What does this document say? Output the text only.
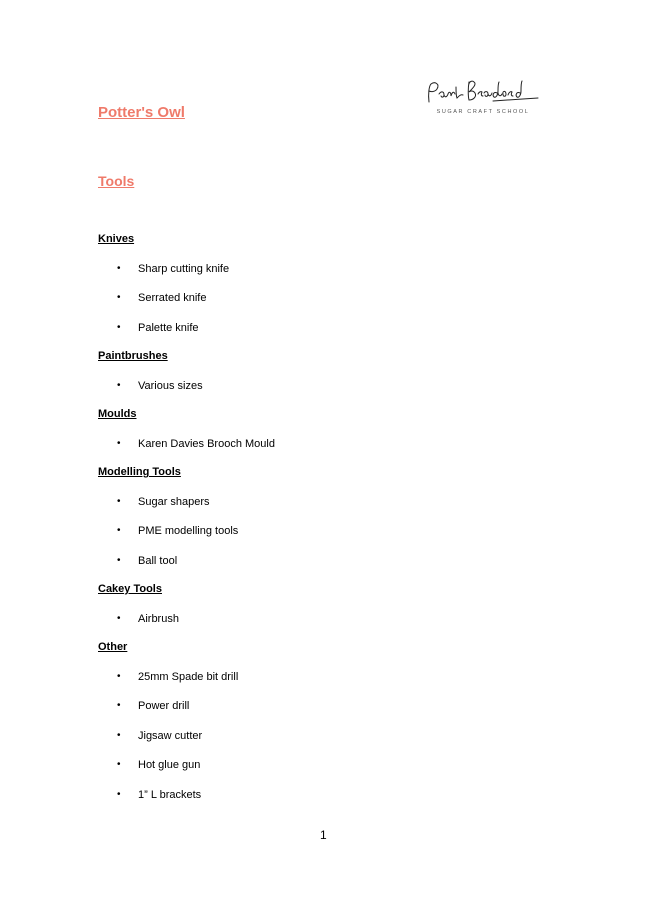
SUGAR CRAFT SCHOOL
Potter's Owl
Tools
Knives
• Sharp cutting knife
• Serrated knife
• Palette knife
Paintbrushes
• Various sizes
Moulds
• Karen Davies Brooch Mould
Modelling Tools
• Sugar shapers
• PME modelling tools
• Ball tool
Cakey Tools
• Airbrush
Other
• 25mm Spade bit drill
• Power drill
• Jigsaw cutter
• Hot glue gun
• 1” L brackets
1
